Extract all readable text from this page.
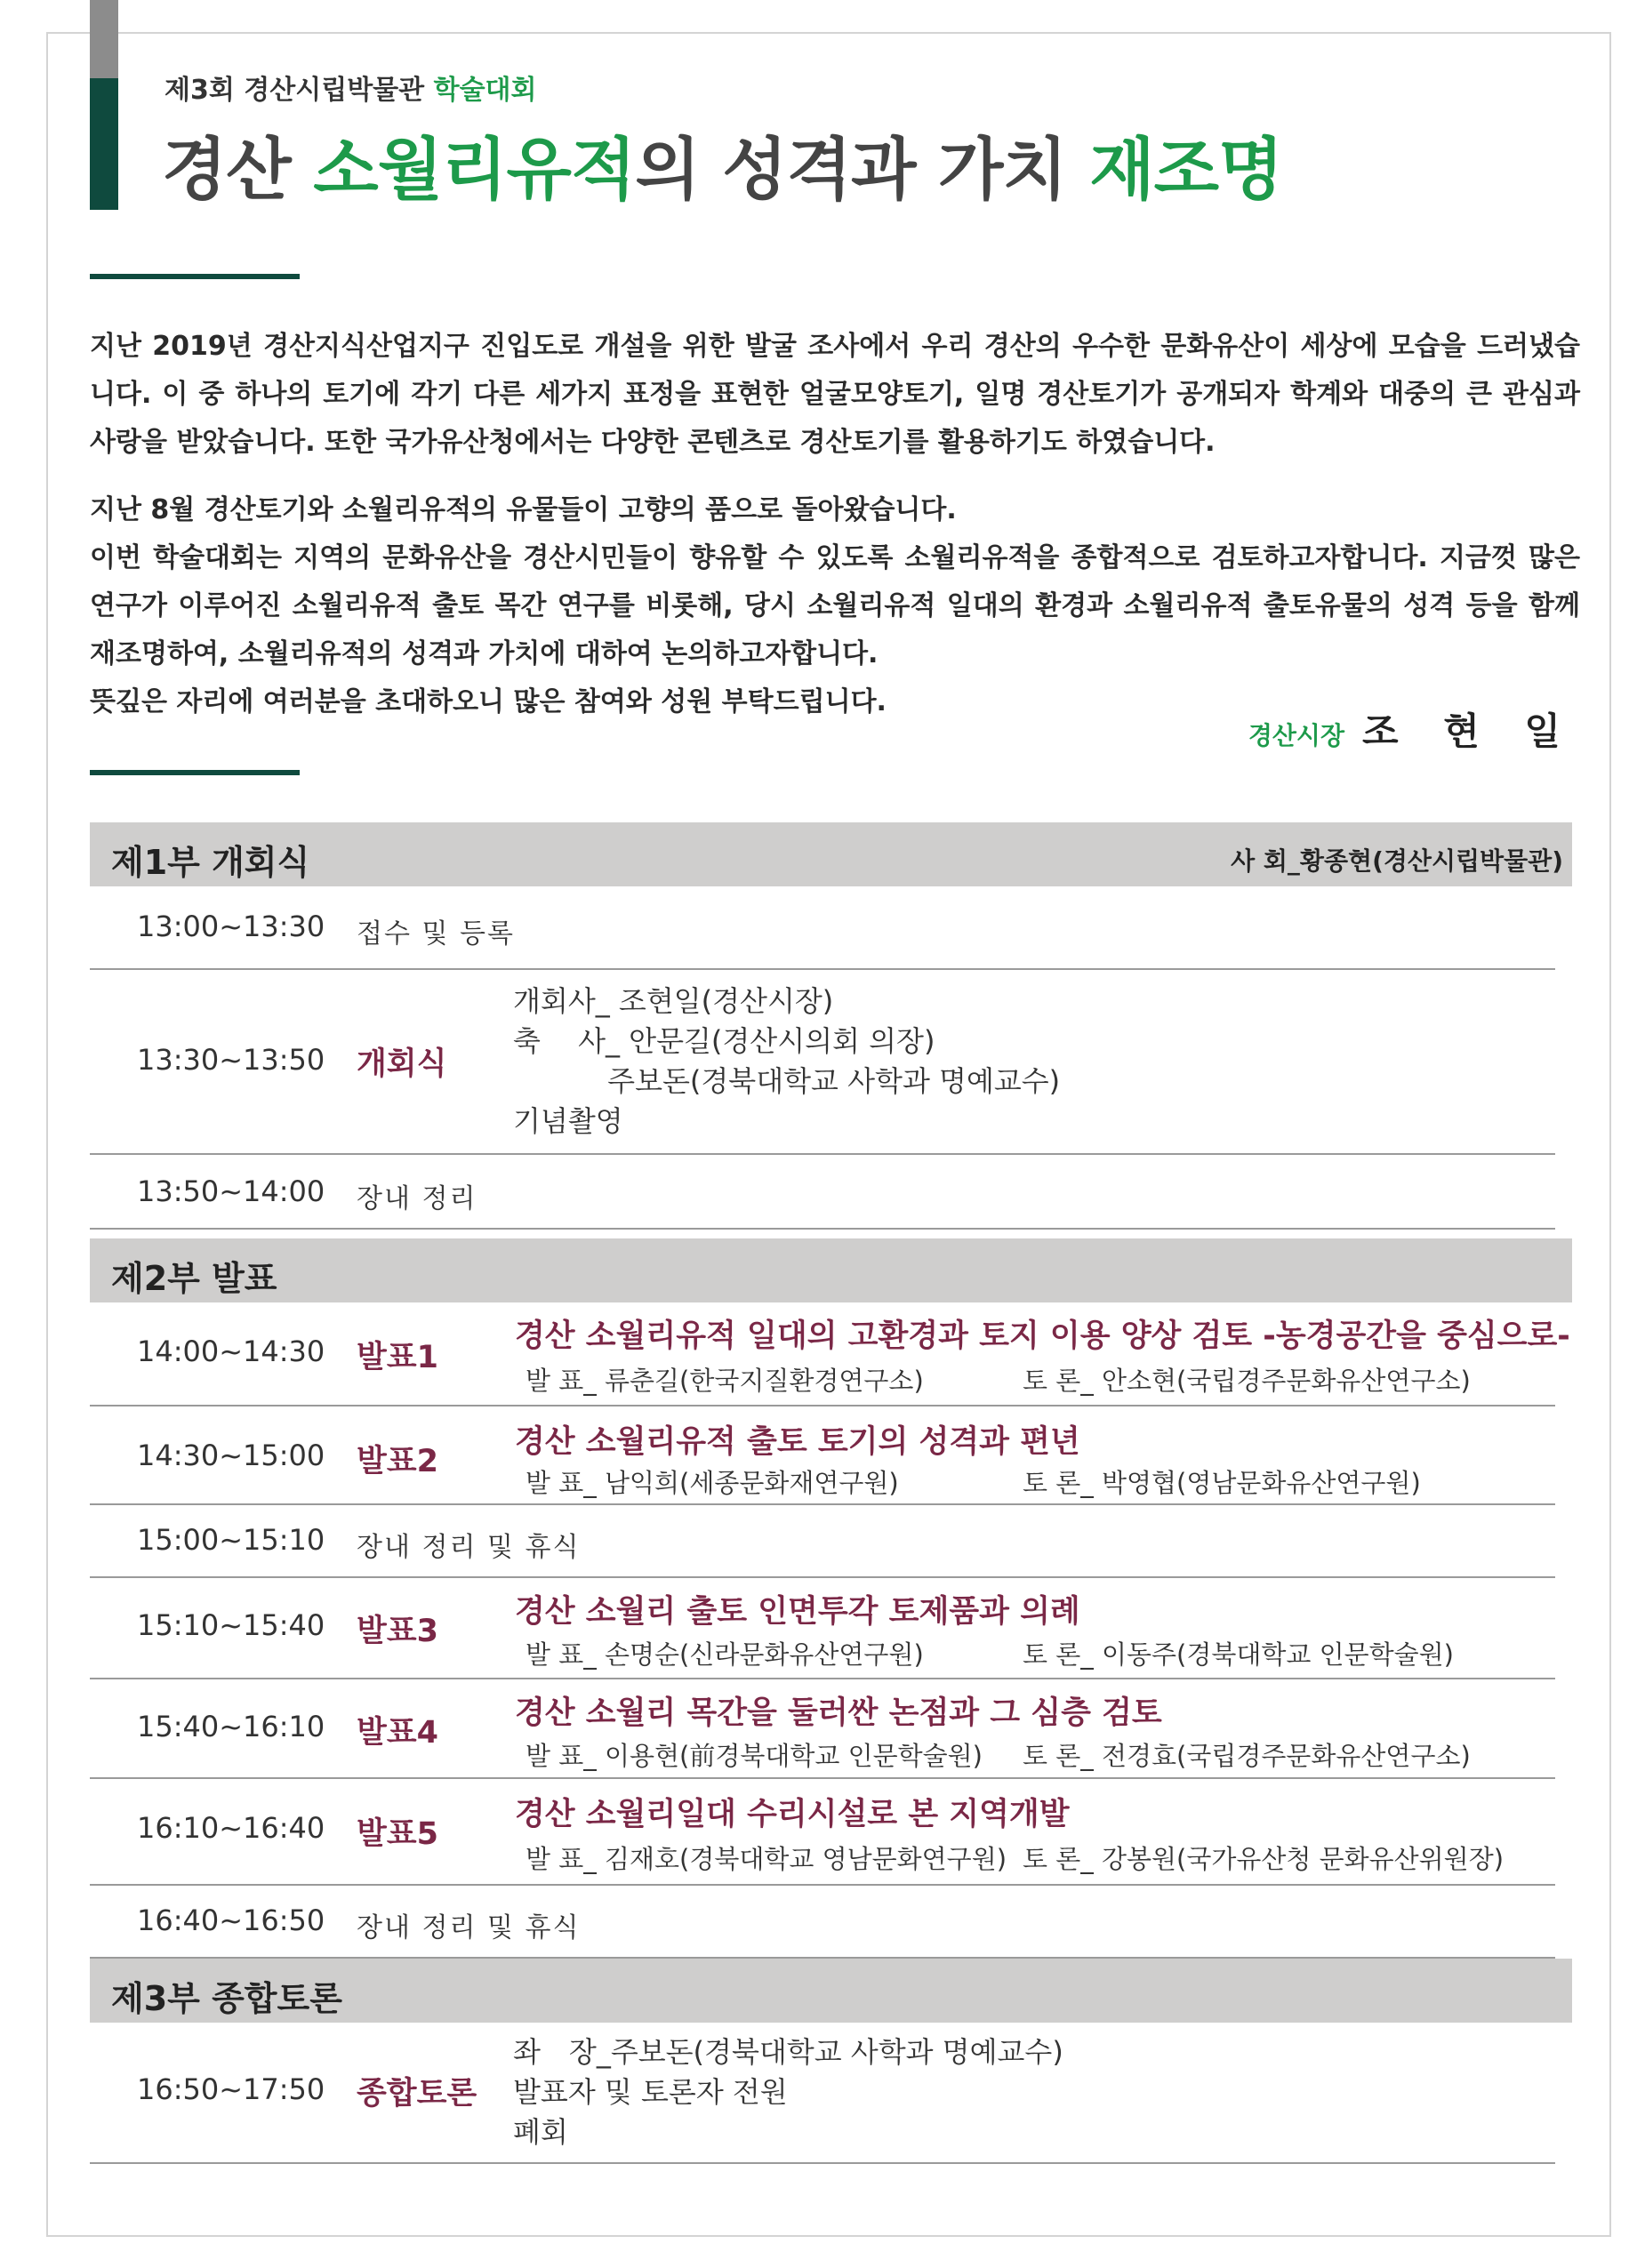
제3회 경산시립박물관 학술대회
경산 소월리유적의 성격과 가치 재조명

지난 2019년 경산지식산업지구 진입도로 개설을 위한 발굴 조사에서 우리 경산의 우수한 문화유산이 세상에 모습을 드러냈습니다. 이 중 하나의 토기에 각기 다른 세가지 표정을 표현한 얼굴모양토기, 일명 경산토기가 공개되자 학계와 대중의 큰 관심과 사랑을 받았습니다. 또한 국가유산청에서는 다양한 콘텐츠로 경산토기를 활용하기도 하였습니다.

지난 8월 경산토기와 소월리유적의 유물들이 고향의 품으로 돌아왔습니다.

이번 학술대회는 지역의 문화유산을 경산시민들이 향유할 수 있도록 소월리유적을 종합적으로 검토하고자합니다. 지금껏 많은 연구가 이루어진 소월리유적 출토 목간 연구를 비롯해, 당시 소월리유적 일대의 환경과 소월리유적 출토유물의 성격 등을 함께 재조명하여, 소월리유적의 성격과 가치에 대하여 논의하고자합니다.

뜻깊은 자리에 여러분을 초대하오니 많은 참여와 성원 부탁드립니다.

경산시장 조 현 일
제1부 개회식	사 회_황종현(경산시립박물관)
13:00~13:30 접수 및 등록
13:30~13:50 개회식
개회사_ 조현일(경산시장)
축　 사_ 안문길(경산시의회 의장)
　　　 주보돈(경북대학교 사학과 명예교수)
기념촬영
13:50~14:00 장내 정리
제2부 발표
14:00~14:30 발표1
경산 소월리유적 일대의 고환경과 토지 이용 양상 검토 -농경공간을 중심으로-
발 표_ 류춘길(한국지질환경연구소)	토 론_ 안소현(국립경주문화유산연구소)
14:30~15:00 발표2
경산 소월리유적 출토 토기의 성격과 편년
발 표_ 남익희(세종문화재연구원)	토 론_ 박영협(영남문화유산연구원)
15:00~15:10 장내 정리 및 휴식
15:10~15:40 발표3
경산 소월리 출토 인면투각 토제품과 의례
발 표_ 손명순(신라문화유산연구원)	토 론_ 이동주(경북대학교 인문학술원)
15:40~16:10 발표4
경산 소월리 목간을 둘러싼 논점과 그 심층 검토
발 표_ 이용현(前경북대학교 인문학술원) 토 론_ 전경효(국립경주문화유산연구소)
16:10~16:40 발표5
경산 소월리일대 수리시설로 본 지역개발
발 표_ 김재호(경북대학교 영남문화연구원) 토 론_ 강봉원(국가유산청 문화유산위원장)
16:40~16:50 장내 정리 및 휴식
제3부 종합토론
16:50~17:50 종합토론
좌　장_주보돈(경북대학교 사학과 명예교수)
발표자 및 토론자 전원
폐회
